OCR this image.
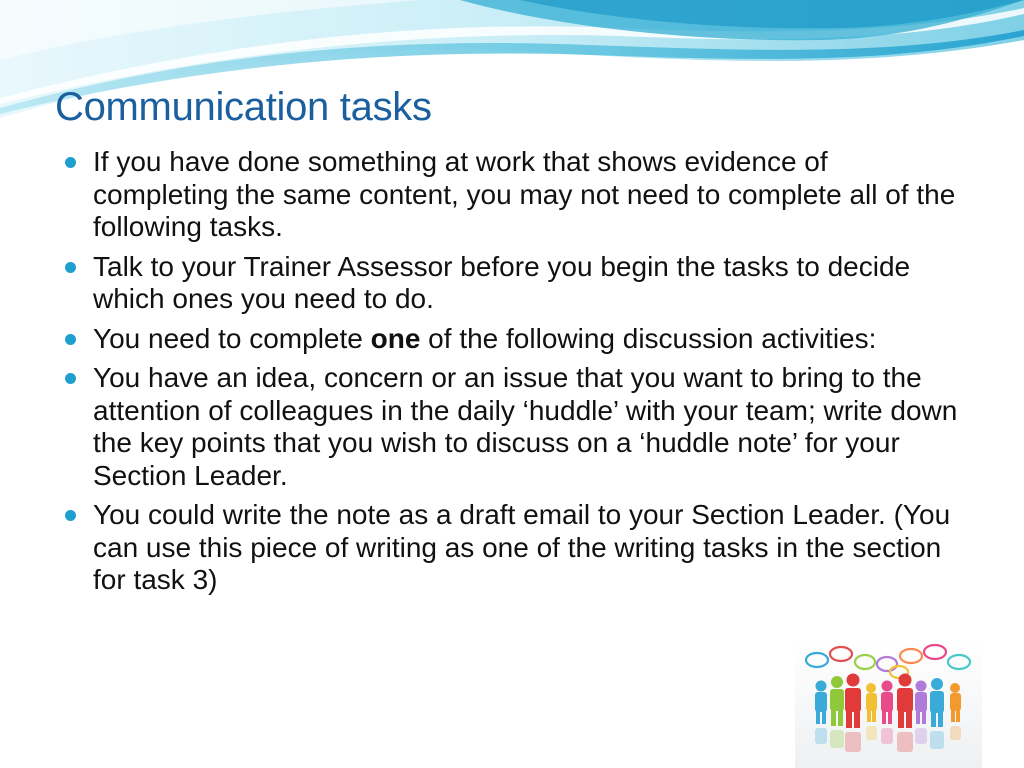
Communication tasks
If you have done something at work that shows evidence of completing the same content, you may not need to complete all of the following tasks.
Talk to your Trainer Assessor before you begin the tasks to decide which ones you need to do.
You need to complete one of the following discussion activities:
You have an idea, concern or an issue that you want to bring to the attention of colleagues in the daily ‘huddle’ with your team; write down the key points that you wish to discuss on a ‘huddle note’ for your Section Leader.
You could write the note as a draft email to your Section Leader. (You can use this piece of writing as one of the writing tasks in the section for task 3)
